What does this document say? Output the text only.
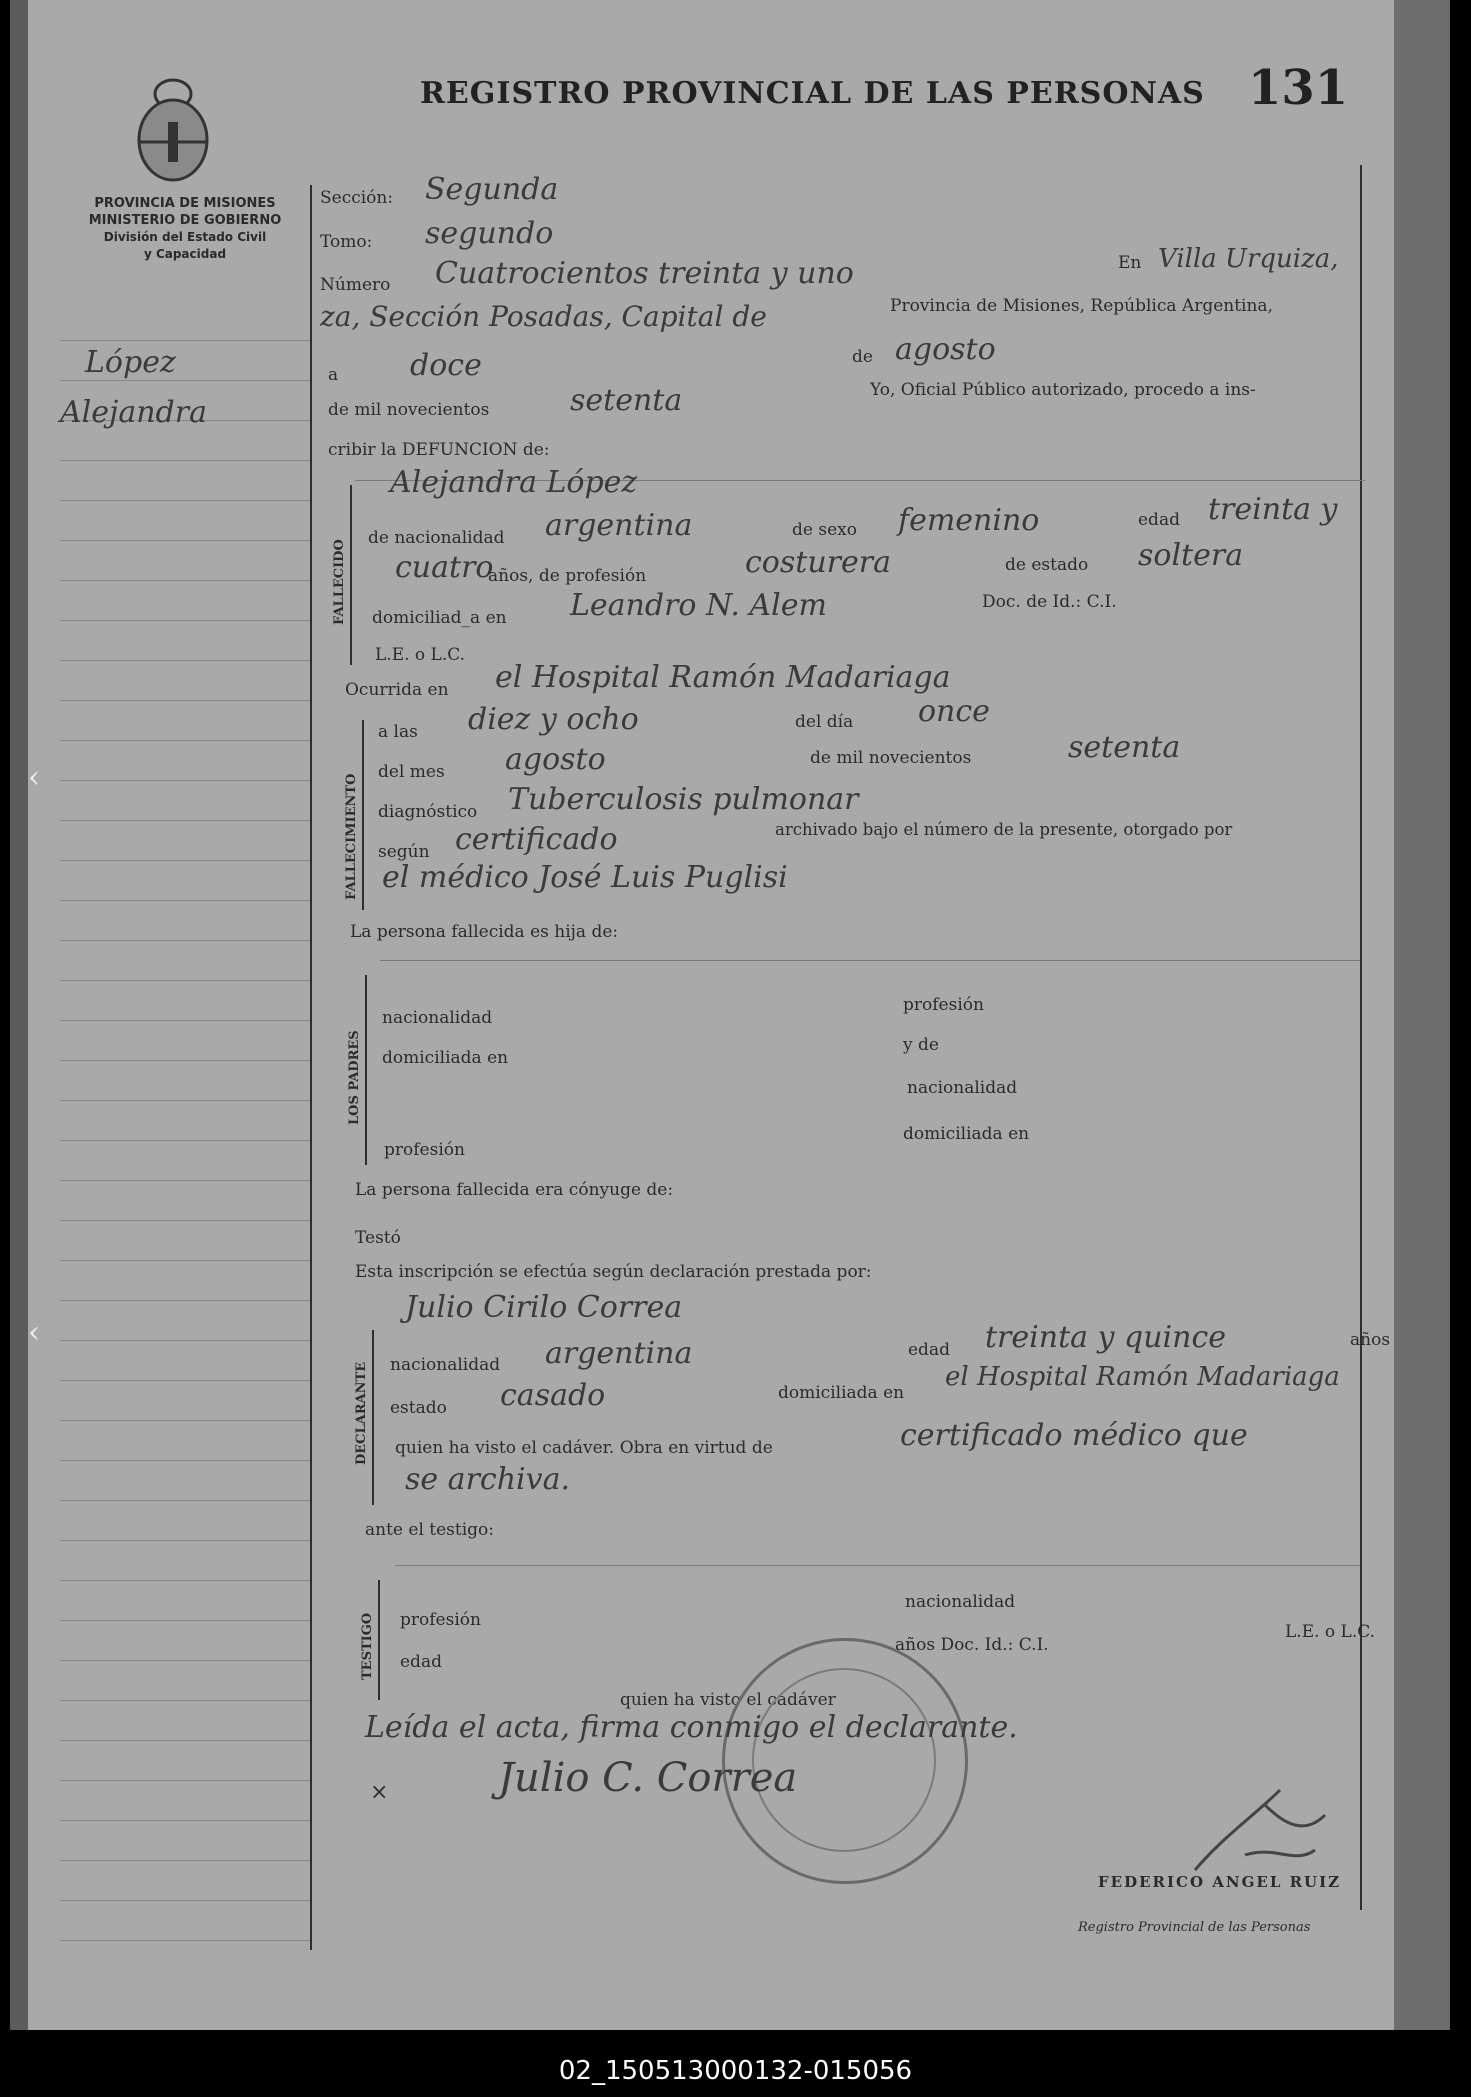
PROVINCIA DE MISIONES
MINISTERIO DE GOBIERNO
División del Estado Civil
y Capacidad
REGISTRO PROVINCIAL DE LAS PERSONAS 131
López
Alejandra
Sección: Segunda
Tomo: segundo
Número Cuatrocientos treinta y uno	En Villa Urquiza,
za, Sección Posadas, Capital de	Provincia de Misiones, República Argentina,
a doce	de agosto
de mil novecientos	setenta	Yo, Oficial Público autorizado, procedo a ins-
cribir la DEFUNCION de:
FALLECIDO
Alejandra López
de nacionalidad argentina	de sexo femenino	edad treinta y
cuatro
años, de profesión	costurera	de estado soltera
domiciliad_a en Leandro N. Alem	Doc. de Id.: C.I.
L.E. o L.C.
Ocurrida en el Hospital Ramón Madariaga
FALLECIMIENTO
a las diez y ocho	del día once
del mes agosto	de mil novecientos	setenta
diagnóstico Tuberculosis pulmonar
según certificado	archivado bajo el número de la presente, otorgado por
el médico José Luis Puglisi
La persona fallecida es hija de:
LOS PADRES
nacionalidad
profesión
domiciliada en
y de
nacionalidad
profesión
domiciliada en
La persona fallecida era cónyuge de:
Testó
Esta inscripción se efectúa según declaración prestada por:
DECLARANTE
Julio Cirilo Correa
nacionalidad argentina	edad treinta y quince	años
estado casado	domiciliada en
el Hospital Ramón Madariaga
quien ha visto el cadáver. Obra en virtud de	certificado médico que
se archiva.
ante el testigo:
TESTIGO profesión
nacionalidad
edad
años Doc. Id.: C.I.
L.E. o L.C.
quien ha visto el cadáver
Leída el acta, firma conmigo el declarante.
×	Julio C. Correa
FEDERICO ANGEL RUIZ
Registro Provincial de las Personas
‹
‹
02_150513000132-015056
